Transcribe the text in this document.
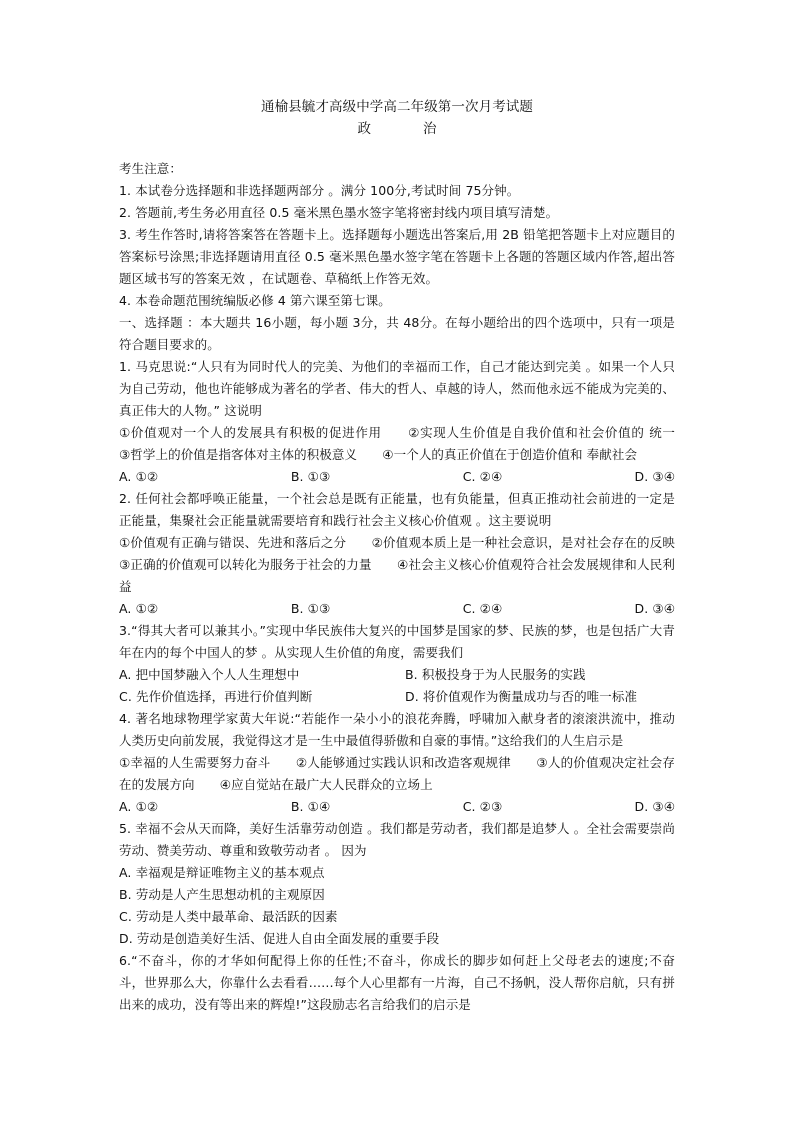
通榆县毓才高级中学高二年级第一次月考试题

政	治

考生注意：

1. 本试卷分选择题和非选择题两部分 。满分 100分,考试时间 75分钟。

2. 答题前,考生务必用直径 0.5 毫米黑色墨水签字笔将密封线内项目填写清楚。

3. 考生作答时,请将答案答在答题卡上。选择题每小题选出答案后,用 2B 铅笔把答题卡上对应题目的答案标号涂黑;非选择题请用直径 0.5 毫米黑色墨水签字笔在答题卡上各题的答题区域内作答,超出答题区域书写的答案无效 ，在试题卷、草稿纸上作答无效。

4. 本卷命题范围统编版必修 4 第六课至第七课。

一、选择题 ：本大题共 16小题，每小题 3分，共 48分。在每小题给出的四个选项中，只有一项是符合题目要求的。

1. 马克思说:“人只有为同时代人的完美、为他们的幸福而工作，自己才能达到完美 。如果一个人只为自己劳动，他也许能够成为著名的学者、伟大的哲人、卓越的诗人，然而他永远不能成为完美的、真正伟大的人物。” 这说明

①价值观对一个人的发展具有积极的促进作用　　②实现人生价值是自我价值和社会价值的 统一　　③哲学上的价值是指客体对主体的积极意义　　④一个人的真正价值在于创造价值和 奉献社会

A. ①②	B. ①③	C. ②④	D. ③④

2. 任何社会都呼唤正能量，一个社会总是既有正能量，也有负能量，但真正推动社会前进的一定是正能量，集聚社会正能量就需要培育和践行社会主义核心价值观 。这主要说明

①价值观有正确与错误、先进和落后之分　　②价值观本质上是一种社会意识，是对社会存在的反映　　③正确的价值观可以转化为服务于社会的力量　　④社会主义核心价值观符合社会发展规律和人民利益

A. ①②	B. ①③	C. ②④	D. ③④

3.“得其大者可以兼其小。”实现中华民族伟大复兴的中国梦是国家的梦、民族的梦，也是包括广大青年在内的每个中国人的梦 。从实现人生价值的角度，需要我们

A. 把中国梦融入个人人生理想中	B. 积极投身于为人民服务的实践
C. 先作价值选择，再进行价值判断	D. 将价值观作为衡量成功与否的唯一标准

4. 著名地球物理学家黄大年说:“若能作一朵小小的浪花奔腾，呼啸加入献身者的滚滚洪流中，推动人类历史向前发展，我觉得这才是一生中最值得骄傲和自豪的事情。”这给我们的人生启示是

①幸福的人生需要努力奋斗　　②人能够通过实践认识和改造客观规律　　③人的价值观决定社会存在的发展方向　　④应自觉站在最广大人民群众的立场上

A. ①②	B. ①④	C. ②③	D. ③④

5. 幸福不会从天而降，美好生活靠劳动创造 。我们都是劳动者，我们都是追梦人 。全社会需要崇尚劳动、赞美劳动、尊重和致敬劳动者 。 因为

A. 幸福观是辩证唯物主义的基本观点

B. 劳动是人产生思想动机的主观原因

C. 劳动是人类中最革命、最活跃的因素

D. 劳动是创造美好生活、促进人自由全面发展的重要手段

6.“不奋斗，你的才华如何配得上你的任性;不奋斗，你成长的脚步如何赶上父母老去的速度;不奋斗，世界那么大，你靠什么去看看……每个人心里都有一片海，自己不扬帆，没人帮你启航，只有拼出来的成功，没有等出来的辉煌!”这段励志名言给我们的启示是
